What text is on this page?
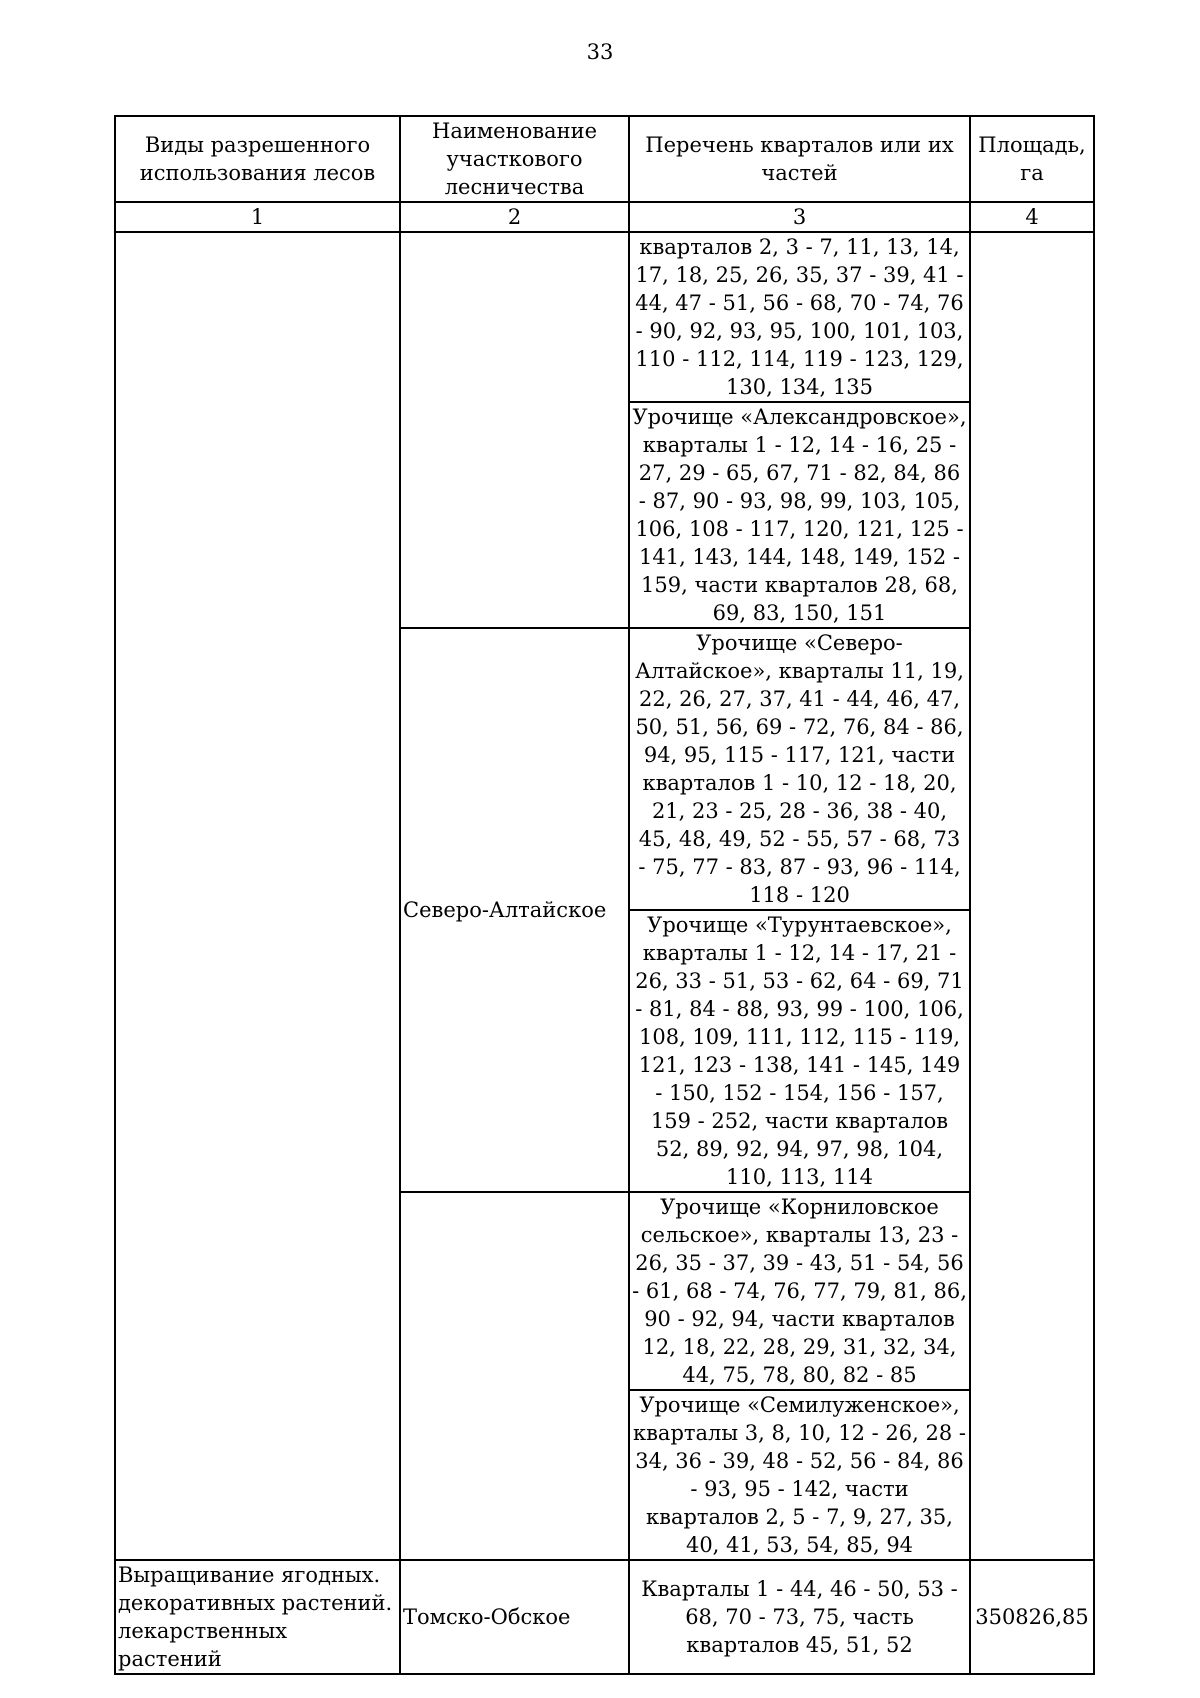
33
Виды разрешенного использования лесов	Наименование участкового лесничества	Перечень кварталов или их частей	Площадь, га
1	2	3	4
		кварталов 2, 3 - 7, 11, 13, 14, 17, 18, 25, 26, 35, 37 - 39, 41 - 44, 47 - 51, 56 - 68, 70 - 74, 76 - 90, 92, 93, 95, 100, 101, 103, 110 - 112, 114, 119 - 123, 129, 130, 134, 135	
		Урочище «Александровское», кварталы 1 - 12, 14 - 16, 25 - 27, 29 - 65, 67, 71 - 82, 84, 86 - 87, 90 - 93, 98, 99, 103, 105, 106, 108 - 117, 120, 121, 125 - 141, 143, 144, 148, 149, 152 - 159, части кварталов 28, 68, 69, 83, 150, 151	
	Северо-Алтайское	Урочище «Северо-Алтайское», кварталы 11, 19, 22, 26, 27, 37, 41 - 44, 46, 47, 50, 51, 56, 69 - 72, 76, 84 - 86, 94, 95, 115 - 117, 121, части кварталов 1 - 10, 12 - 18, 20, 21, 23 - 25, 28 - 36, 38 - 40, 45, 48, 49, 52 - 55, 57 - 68, 73 - 75, 77 - 83, 87 - 93, 96 - 114, 118 - 120	
		Урочище «Турунтаевское», кварталы 1 - 12, 14 - 17, 21 - 26, 33 - 51, 53 - 62, 64 - 69, 71 - 81, 84 - 88, 93, 99 - 100, 106, 108, 109, 111, 112, 115 - 119, 121, 123 - 138, 141 - 145, 149 - 150, 152 - 154, 156 - 157, 159 - 252, части кварталов 52, 89, 92, 94, 97, 98, 104, 110, 113, 114	
		Урочище «Корниловское сельское», кварталы 13, 23 - 26, 35 - 37, 39 - 43, 51 - 54, 56 - 61, 68 - 74, 76, 77, 79, 81, 86, 90 - 92, 94, части кварталов 12, 18, 22, 28, 29, 31, 32, 34, 44, 75, 78, 80, 82 - 85	
		Урочище «Семилуженское», кварталы 3, 8, 10, 12 - 26, 28 - 34, 36 - 39, 48 - 52, 56 - 84, 86 - 93, 95 - 142, части кварталов 2, 5 - 7, 9, 27, 35, 40, 41, 53, 54, 85, 94	
Выращивание ягодных. декоративных растений. лекарственных растений	Томско-Обское	Кварталы 1 - 44, 46 - 50, 53 - 68, 70 - 73, 75, часть кварталов 45, 51, 52	350826,85
